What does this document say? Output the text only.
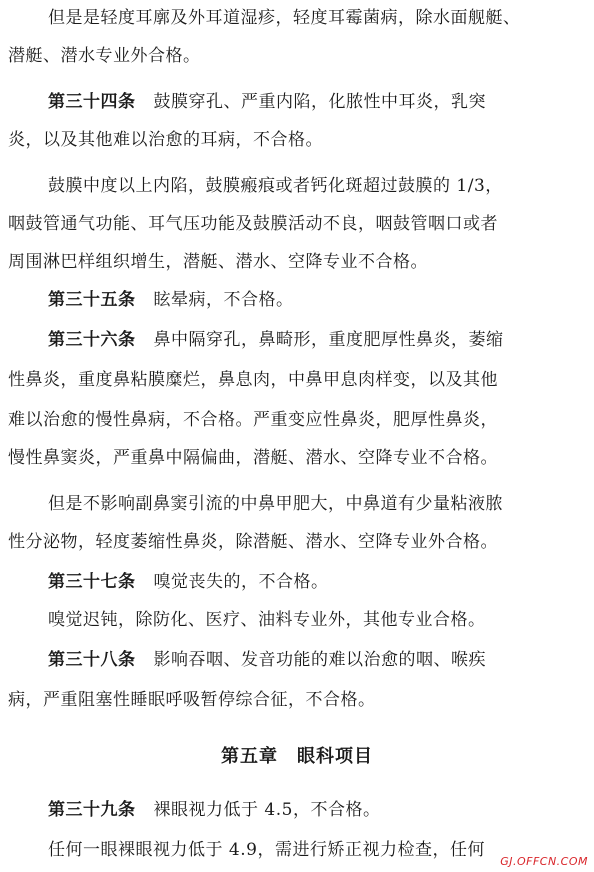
但是是轻度耳廓及外耳道湿疹，轻度耳霉菌病，除水面舰艇、
潜艇、潜水专业外合格。
第三十四条 鼓膜穿孔、严重内陷，化脓性中耳炎，乳突
炎，以及其他难以治愈的耳病，不合格。
鼓膜中度以上内陷，鼓膜瘢痕或者钙化斑超过鼓膜的 1/3，
咽鼓管通气功能、耳气压功能及鼓膜活动不良，咽鼓管咽口或者
周围淋巴样组织增生，潜艇、潜水、空降专业不合格。
第三十五条 眩晕病，不合格。
第三十六条 鼻中隔穿孔，鼻畸形，重度肥厚性鼻炎，萎缩
性鼻炎，重度鼻粘膜糜烂，鼻息肉，中鼻甲息肉样变，以及其他
难以治愈的慢性鼻病，不合格。严重变应性鼻炎，肥厚性鼻炎，
慢性鼻窦炎，严重鼻中隔偏曲，潜艇、潜水、空降专业不合格。
但是不影响副鼻窦引流的中鼻甲肥大，中鼻道有少量粘液脓
性分泌物，轻度萎缩性鼻炎，除潜艇、潜水、空降专业外合格。
第三十七条 嗅觉丧失的，不合格。
嗅觉迟钝，除防化、医疗、油料专业外，其他专业合格。
第三十八条 影响吞咽、发音功能的难以治愈的咽、喉疾
病，严重阻塞性睡眠呼吸暂停综合征，不合格。
第五章　眼科项目
第三十九条 裸眼视力低于 4.5，不合格。
任何一眼裸眼视力低于 4.9，需进行矫正视力检查，任何
GJ.OFFCN.COM
